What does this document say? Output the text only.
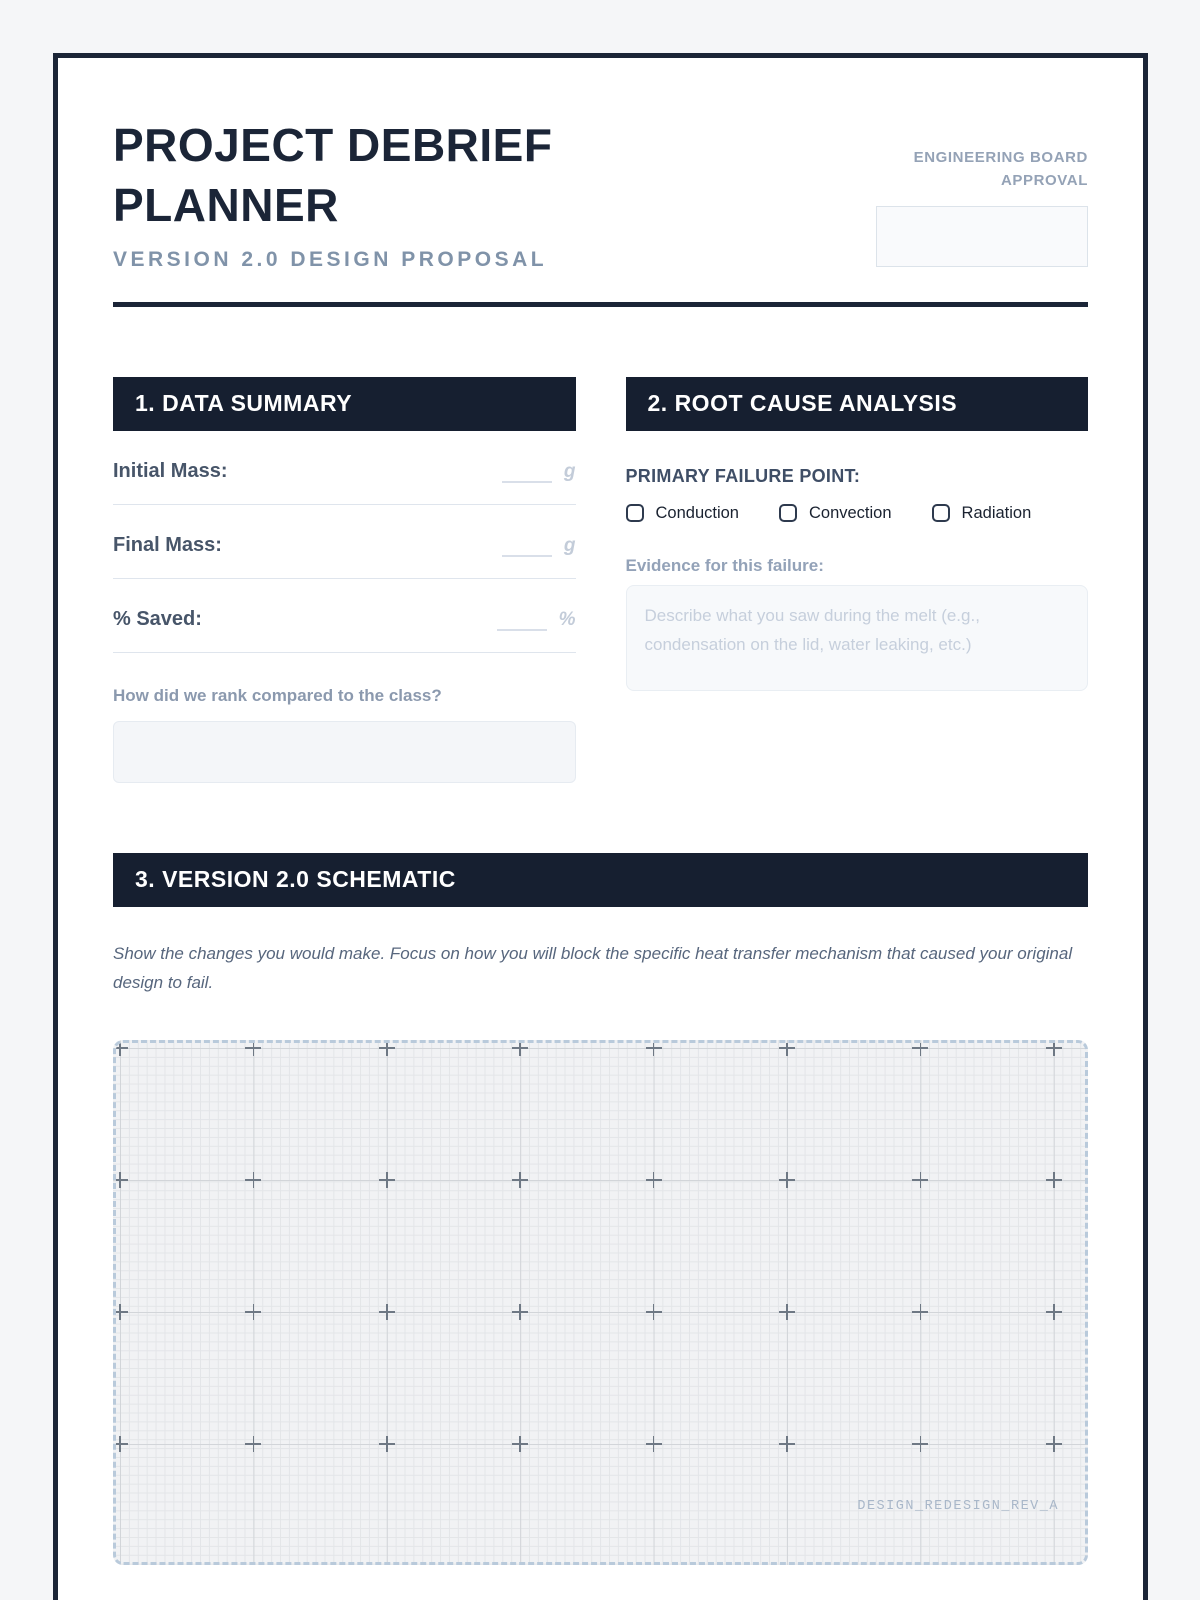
PROJECT DEBRIEF
PLANNER
VERSION 2.0 DESIGN PROPOSAL
ENGINEERING BOARD
APPROVAL
1. DATA SUMMARY
Initial Mass:	g
Final Mass:	g
% Saved:	%
How did we rank compared to the class?
2. ROOT CAUSE ANALYSIS
PRIMARY FAILURE POINT:
Conduction	Convection	Radiation
Evidence for this failure:
Describe what you saw during the melt (e.g., condensation on the lid, water leaking, etc.)
3. VERSION 2.0 SCHEMATIC
Show the changes you would make. Focus on how you will block the specific heat transfer mechanism that caused your original design to fail.
DESIGN_REDESIGN_REV_A
